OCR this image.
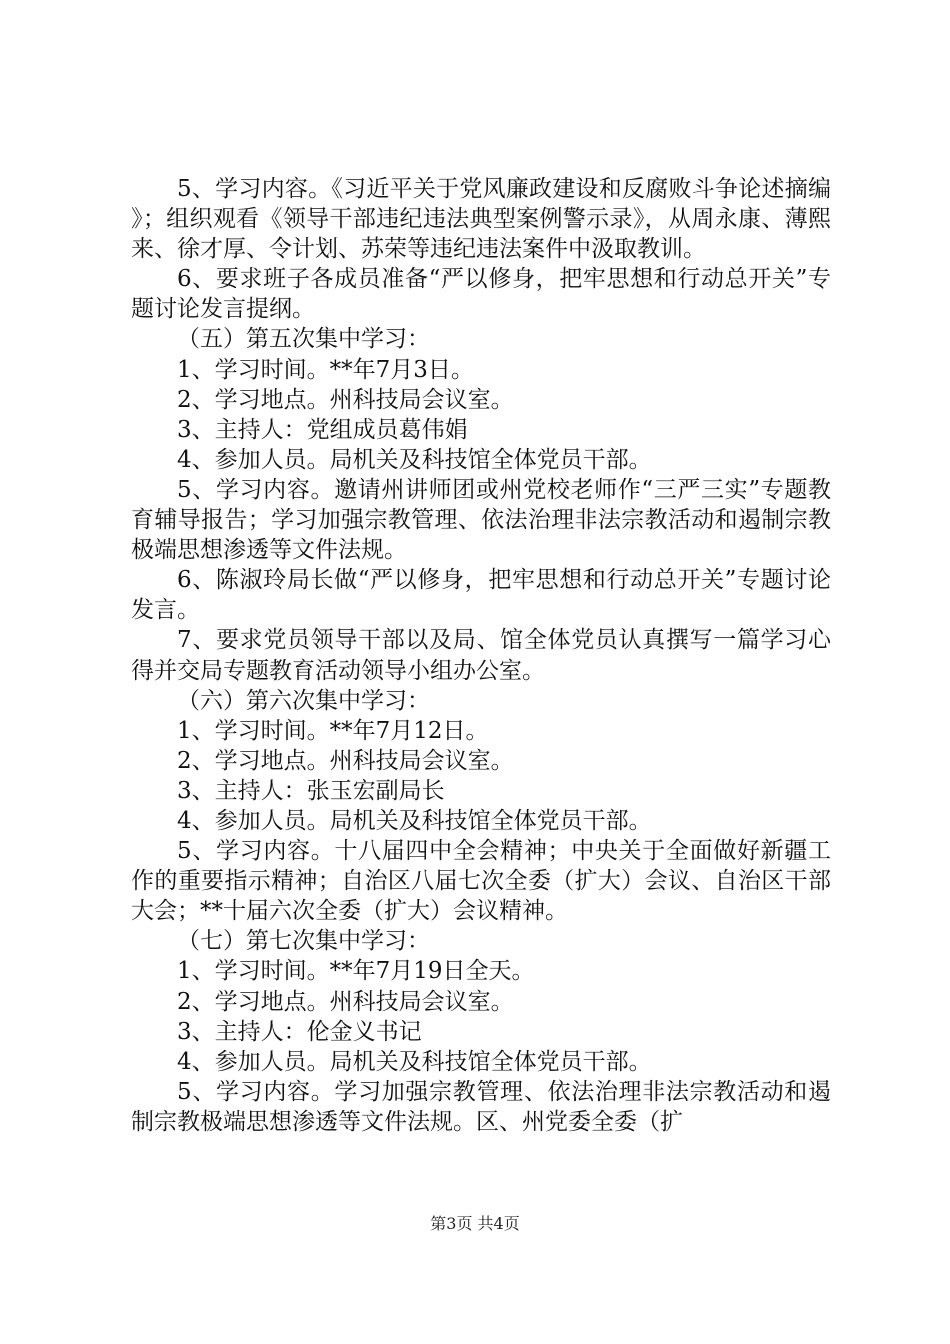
5、学习内容。《习近平关于党风廉政建设和反腐败斗争论述摘编》；组织观看《领导干部违纪违法典型案例警示录》，从周永康、薄熙来、徐才厚、令计划、苏荣等违纪违法案件中汲取教训。

6、要求班子各成员准备“严以修身，把牢思想和行动总开关”专题讨论发言提纲。

（五）第五次集中学习：

1、学习时间。**年7月3日。

2、学习地点。州科技局会议室。

3、主持人：党组成员葛伟娟

4、参加人员。局机关及科技馆全体党员干部。

5、学习内容。邀请州讲师团或州党校老师作“三严三实”专题教育辅导报告；学习加强宗教管理、依法治理非法宗教活动和遏制宗教极端思想渗透等文件法规。

6、陈淑玲局长做“严以修身，把牢思想和行动总开关”专题讨论发言。

7、要求党员领导干部以及局、馆全体党员认真撰写一篇学习心得并交局专题教育活动领导小组办公室。

（六）第六次集中学习：

1、学习时间。**年7月12日。

2、学习地点。州科技局会议室。

3、主持人：张玉宏副局长

4、参加人员。局机关及科技馆全体党员干部。

5、学习内容。十八届四中全会精神；中央关于全面做好新疆工作的重要指示精神；自治区八届七次全委（扩大）会议、自治区干部大会；**十届六次全委（扩大）会议精神。

（七）第七次集中学习：

1、学习时间。**年7月19日全天。

2、学习地点。州科技局会议室。

3、主持人：伦金义书记

4、参加人员。局机关及科技馆全体党员干部。

5、学习内容。学习加强宗教管理、依法治理非法宗教活动和遏制宗教极端思想渗透等文件法规。区、州党委全委（扩

第3页 共4页
